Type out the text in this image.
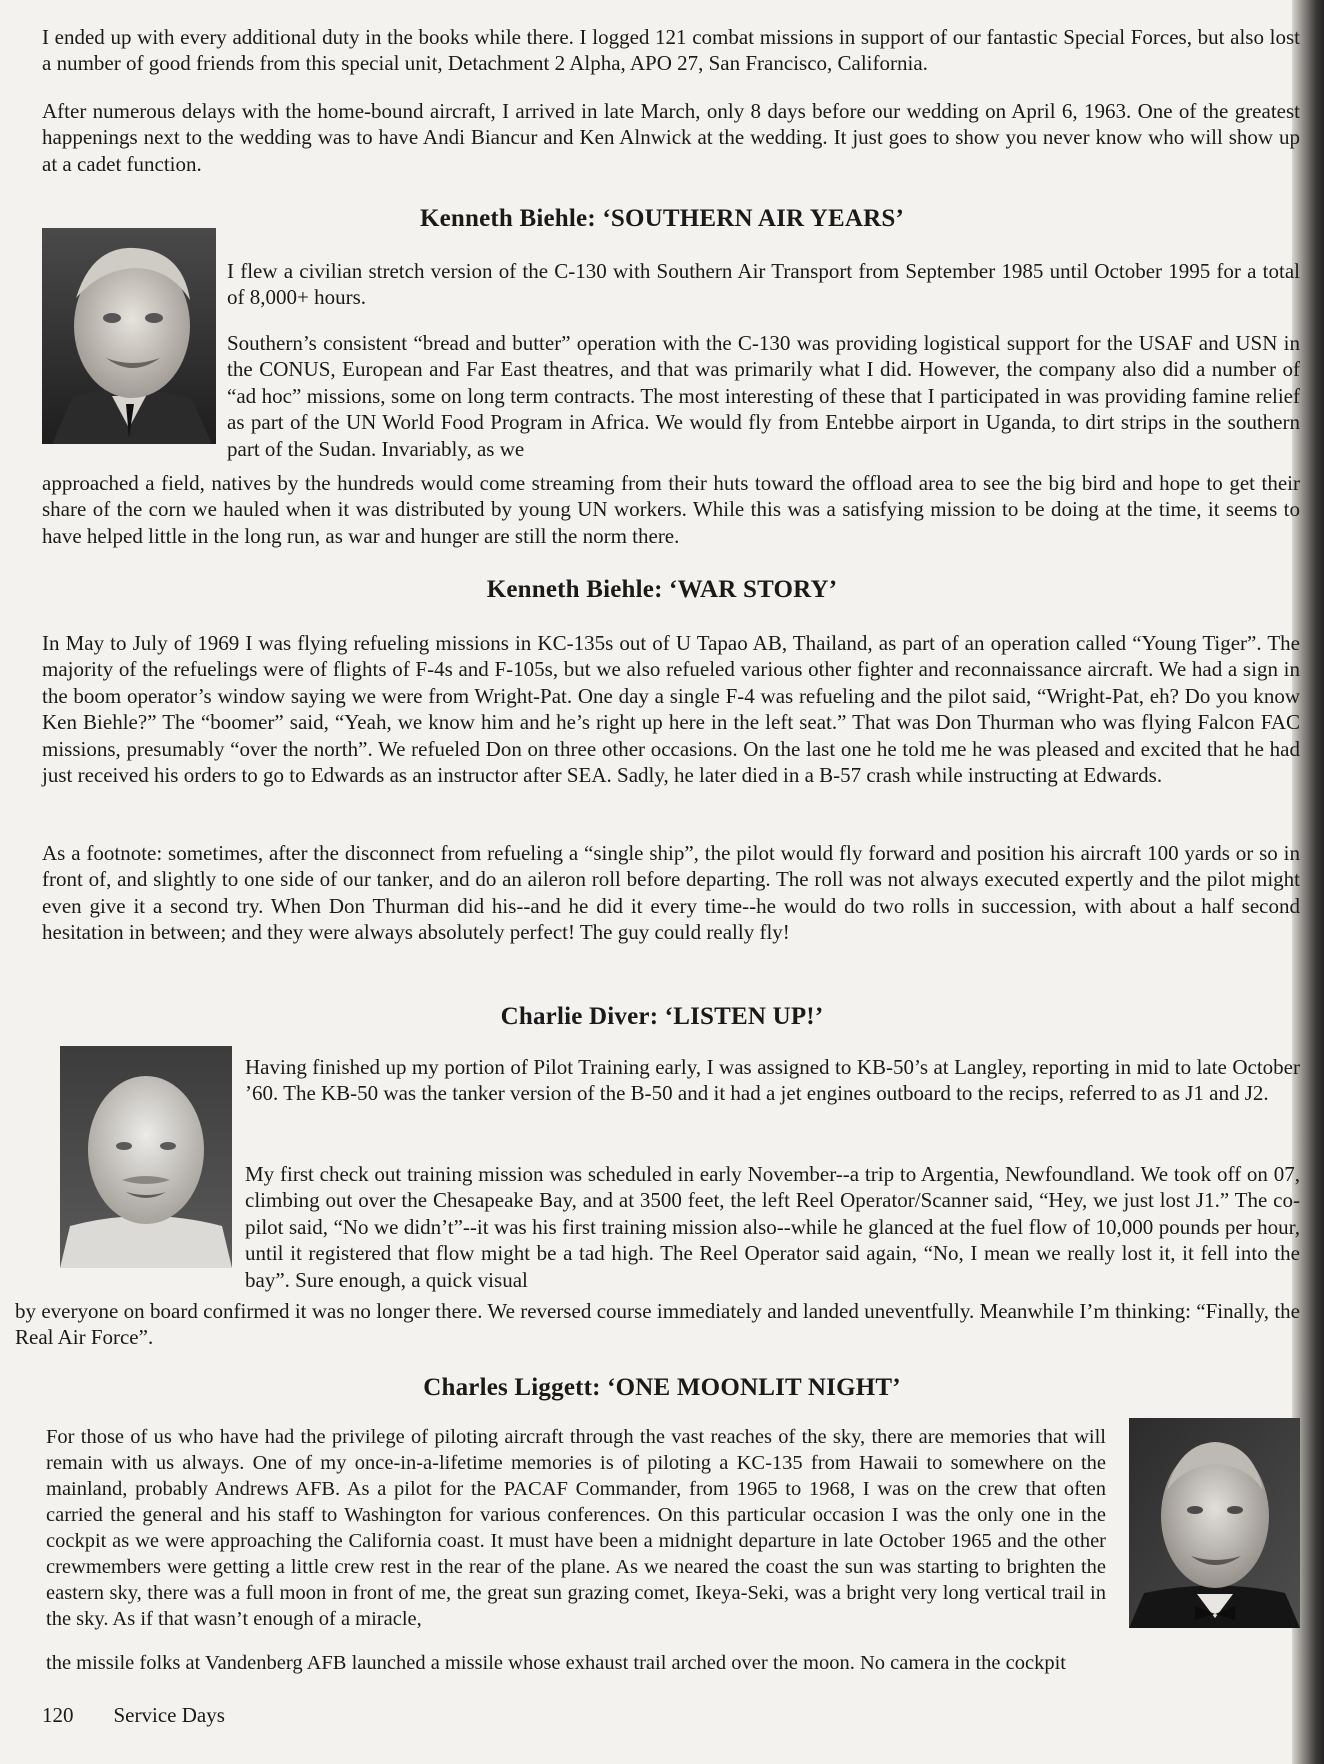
I ended up with every additional duty in the books while there. I logged 121 combat missions in support of our fantastic Special Forces, but also lost a number of good friends from this special unit, Detachment 2 Alpha, APO 27, San Francisco, California.

After numerous delays with the home-bound aircraft, I arrived in late March, only 8 days before our wedding on April 6, 1963. One of the greatest happenings next to the wedding was to have Andi Biancur and Ken Alnwick at the wedding. It just goes to show you never know who will show up at a cadet function.

Kenneth Biehle: ‘SOUTHERN AIR YEARS’

I flew a civilian stretch version of the C-130 with Southern Air Transport from September 1985 until October 1995 for a total of 8,000+ hours.

Southern’s consistent “bread and butter” operation with the C-130 was providing logistical support for the USAF and USN in the CONUS, European and Far East theatres, and that was primarily what I did. However, the company also did a number of “ad hoc” missions, some on long term contracts. The most interesting of these that I participated in was providing famine relief as part of the UN World Food Program in Africa. We would fly from Entebbe airport in Uganda, to dirt strips in the southern part of the Sudan. Invariably, as we

approached a field, natives by the hundreds would come streaming from their huts toward the offload area to see the big bird and hope to get their share of the corn we hauled when it was distributed by young UN workers. While this was a satisfying mission to be doing at the time, it seems to have helped little in the long run, as war and hunger are still the norm there.

Kenneth Biehle: ‘WAR STORY’

In May to July of 1969 I was flying refueling missions in KC-135s out of U Tapao AB, Thailand, as part of an operation called “Young Tiger”. The majority of the refuelings were of flights of F-4s and F-105s, but we also refueled various other fighter and reconnaissance aircraft. We had a sign in the boom operator’s window saying we were from Wright-Pat. One day a single F-4 was refueling and the pilot said, “Wright-Pat, eh? Do you know Ken Biehle?” The “boomer” said, “Yeah, we know him and he’s right up here in the left seat.” That was Don Thurman who was flying Falcon FAC missions, presumably “over the north”. We refueled Don on three other occasions. On the last one he told me he was pleased and excited that he had just received his orders to go to Edwards as an instructor after SEA. Sadly, he later died in a B-57 crash while instructing at Edwards.

As a footnote: sometimes, after the disconnect from refueling a “single ship”, the pilot would fly forward and position his aircraft 100 yards or so in front of, and slightly to one side of our tanker, and do an aileron roll before departing. The roll was not always executed expertly and the pilot might even give it a second try. When Don Thurman did his--and he did it every time--he would do two rolls in succession, with about a half second hesitation in between; and they were always absolutely perfect! The guy could really fly!

Charlie Diver: ‘LISTEN UP!’

Having finished up my portion of Pilot Training early, I was assigned to KB-50’s at Langley, reporting in mid to late October ’60. The KB-50 was the tanker version of the B-50 and it had a jet engines outboard to the recips, referred to as J1 and J2.

My first check out training mission was scheduled in early November--a trip to Argentia, Newfoundland. We took off on 07, climbing out over the Chesapeake Bay, and at 3500 feet, the left Reel Operator/Scanner said, “Hey, we just lost J1.” The co-pilot said, “No we didn’t”--it was his first training mission also--while he glanced at the fuel flow of 10,000 pounds per hour, until it registered that flow might be a tad high. The Reel Operator said again, “No, I mean we really lost it, it fell into the bay”. Sure enough, a quick visual

by everyone on board confirmed it was no longer there. We reversed course immediately and landed uneventfully. Meanwhile I’m thinking: “Finally, the Real Air Force”.

Charles Liggett: ‘ONE MOONLIT NIGHT’

For those of us who have had the privilege of piloting aircraft through the vast reaches of the sky, there are memories that will remain with us always. One of my once-in-a-lifetime memories is of piloting a KC-135 from Hawaii to somewhere on the mainland, probably Andrews AFB. As a pilot for the PACAF Commander, from 1965 to 1968, I was on the crew that often carried the general and his staff to Washington for various conferences. On this particular occasion I was the only one in the cockpit as we were approaching the California coast. It must have been a midnight departure in late October 1965 and the other crewmembers were getting a little crew rest in the rear of the plane. As we neared the coast the sun was starting to brighten the eastern sky, there was a full moon in front of me, the great sun grazing comet, Ikeya-Seki, was a bright very long vertical trail in the sky. As if that wasn’t enough of a miracle,

the missile folks at Vandenberg AFB launched a missile whose exhaust trail arched over the moon. No camera in the cockpit

120 Service Days
